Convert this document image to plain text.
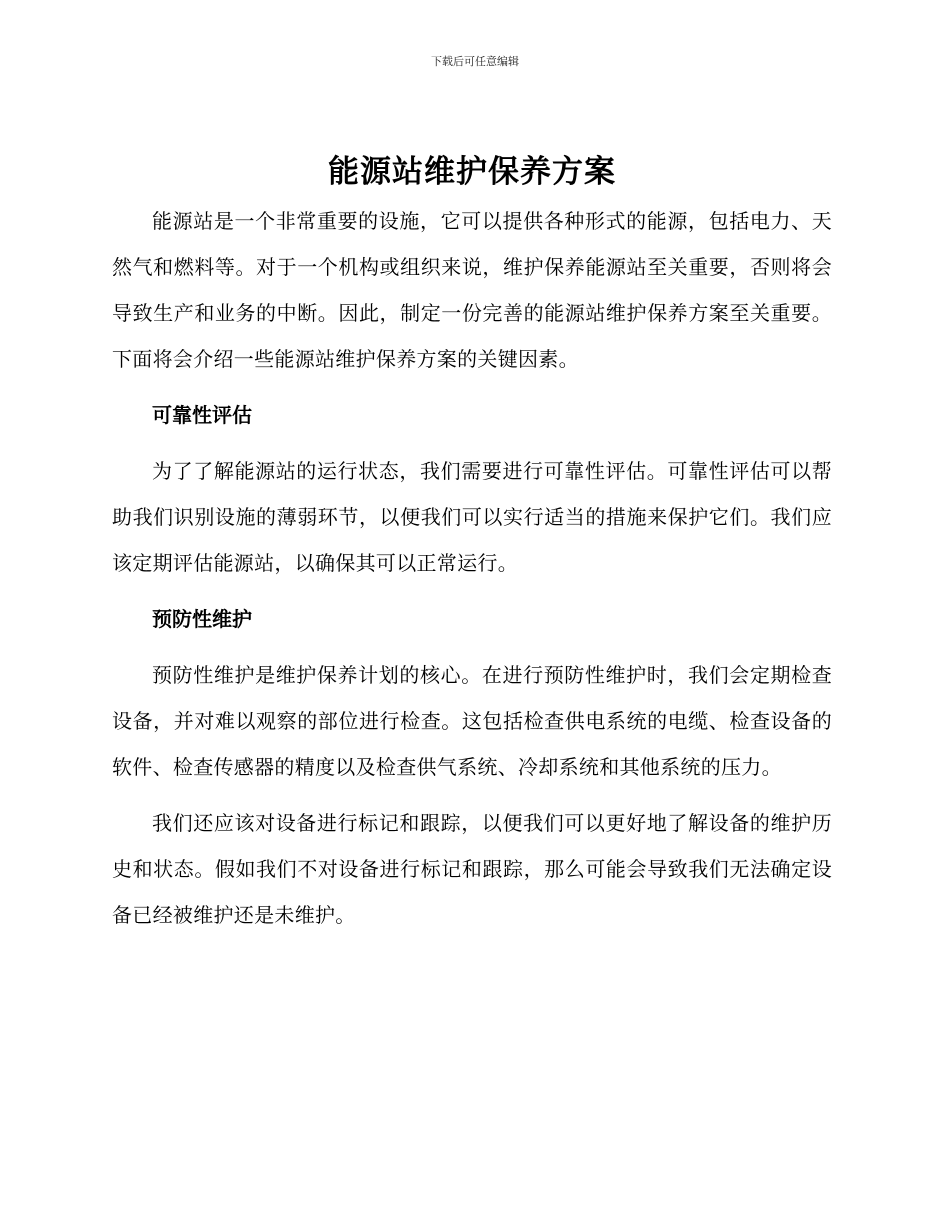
下载后可任意编辑
能源站维护保养方案

能源站是一个非常重要的设施，它可以提供各种形式的能源，包括电力、天然气和燃料等。对于一个机构或组织来说，维护保养能源站至关重要，否则将会导致生产和业务的中断。因此，制定一份完善的能源站维护保养方案至关重要。下面将会介绍一些能源站维护保养方案的关键因素。

可靠性评估

为了了解能源站的运行状态，我们需要进行可靠性评估。可靠性评估可以帮助我们识别设施的薄弱环节，以便我们可以实行适当的措施来保护它们。我们应该定期评估能源站，以确保其可以正常运行。

预防性维护

预防性维护是维护保养计划的核心。在进行预防性维护时，我们会定期检查设备，并对难以观察的部位进行检查。这包括检查供电系统的电缆、检查设备的软件、检查传感器的精度以及检查供气系统、冷却系统和其他系统的压力。

我们还应该对设备进行标记和跟踪，以便我们可以更好地了解设备的维护历史和状态。假如我们不对设备进行标记和跟踪，那么可能会导致我们无法确定设备已经被维护还是未维护。
